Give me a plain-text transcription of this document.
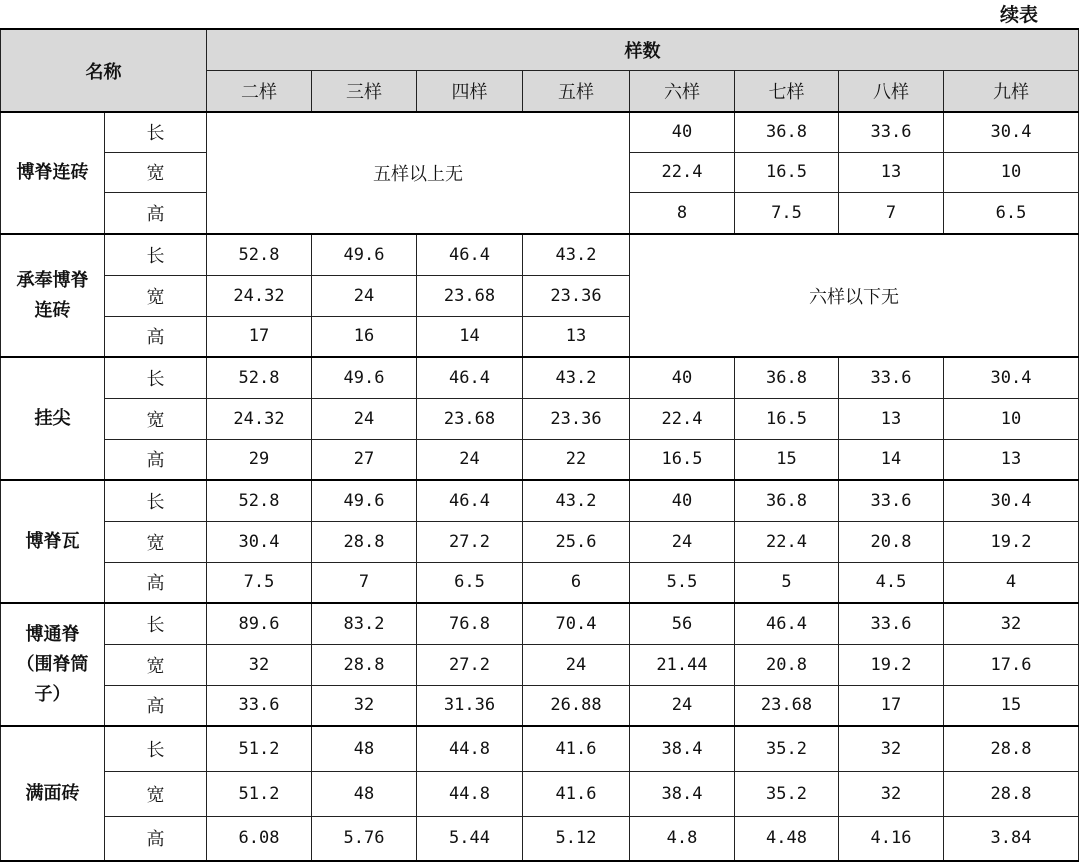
续表
名称		样数							
		二样	三样	四样	五样	六样	七样	八样	九样
博脊连砖	长	五样以上无				40	36.8	33.6	30.4
	宽					22.4	16.5	13	10
	高					8	7.5	7	6.5
承奉博脊连砖	长	52.8	49.6	46.4	43.2	六样以下无			
	宽	24.32	24	23.68	23.36				
	高	17	16	14	13				
挂尖	长	52.8	49.6	46.4	43.2	40	36.8	33.6	30.4
	宽	24.32	24	23.68	23.36	22.4	16.5	13	10
	高	29	27	24	22	16.5	15	14	13
博脊瓦	长	52.8	49.6	46.4	43.2	40	36.8	33.6	30.4
	宽	30.4	28.8	27.2	25.6	24	22.4	20.8	19.2
	高	7.5	7	6.5	6	5.5	5	4.5	4
博通脊（围脊筒子）	长	89.6	83.2	76.8	70.4	56	46.4	33.6	32
	宽	32	28.8	27.2	24	21.44	20.8	19.2	17.6
	高	33.6	32	31.36	26.88	24	23.68	17	15
满面砖	长	51.2	48	44.8	41.6	38.4	35.2	32	28.8
	宽	51.2	48	44.8	41.6	38.4	35.2	32	28.8
	高	6.08	5.76	5.44	5.12	4.8	4.48	4.16	3.84
